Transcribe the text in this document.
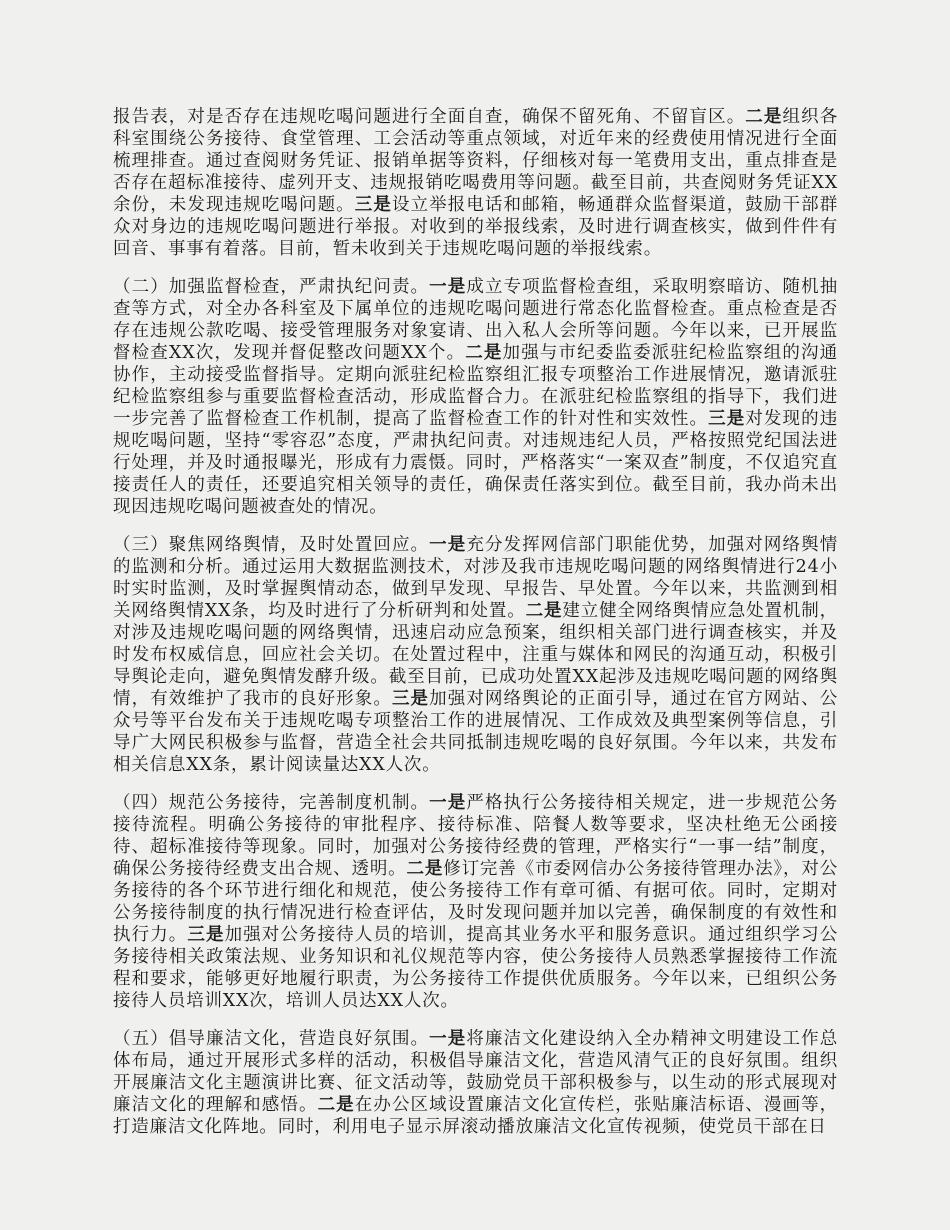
报告表，对是否存在违规吃喝问题进行全面自查，确保不留死角、不留盲区。二是组织各科室围绕公务接待、食堂管理、工会活动等重点领域，对近年来的经费使用情况进行全面梳理排查。通过查阅财务凭证、报销单据等资料，仔细核对每一笔费用支出，重点排查是否存在超标准接待、虚列开支、违规报销吃喝费用等问题。截至目前，共查阅财务凭证XX余份，未发现违规吃喝问题。三是设立举报电话和邮箱，畅通群众监督渠道，鼓励干部群众对身边的违规吃喝问题进行举报。对收到的举报线索，及时进行调查核实，做到件件有回音、事事有着落。目前，暂未收到关于违规吃喝问题的举报线索。

（二）加强监督检查，严肃执纪问责。一是成立专项监督检查组，采取明察暗访、随机抽查等方式，对全办各科室及下属单位的违规吃喝问题进行常态化监督检查。重点检查是否存在违规公款吃喝、接受管理服务对象宴请、出入私人会所等问题。今年以来，已开展监督检查XX次，发现并督促整改问题XX个。二是加强与市纪委监委派驻纪检监察组的沟通协作，主动接受监督指导。定期向派驻纪检监察组汇报专项整治工作进展情况，邀请派驻纪检监察组参与重要监督检查活动，形成监督合力。在派驻纪检监察组的指导下，我们进一步完善了监督检查工作机制，提高了监督检查工作的针对性和实效性。三是对发现的违规吃喝问题，坚持“零容忍”态度，严肃执纪问责。对违规违纪人员，严格按照党纪国法进行处理，并及时通报曝光，形成有力震慑。同时，严格落实“一案双查”制度，不仅追究直接责任人的责任，还要追究相关领导的责任，确保责任落实到位。截至目前，我办尚未出现因违规吃喝问题被查处的情况。

（三）聚焦网络舆情，及时处置回应。一是充分发挥网信部门职能优势，加强对网络舆情的监测和分析。通过运用大数据监测技术，对涉及我市违规吃喝问题的网络舆情进行24小时实时监测，及时掌握舆情动态，做到早发现、早报告、早处置。今年以来，共监测到相关网络舆情XX条，均及时进行了分析研判和处置。二是建立健全网络舆情应急处置机制，对涉及违规吃喝问题的网络舆情，迅速启动应急预案，组织相关部门进行调查核实，并及时发布权威信息，回应社会关切。在处置过程中，注重与媒体和网民的沟通互动，积极引导舆论走向，避免舆情发酵升级。截至目前，已成功处置XX起涉及违规吃喝问题的网络舆情，有效维护了我市的良好形象。三是加强对网络舆论的正面引导，通过在官方网站、公众号等平台发布关于违规吃喝专项整治工作的进展情况、工作成效及典型案例等信息，引导广大网民积极参与监督，营造全社会共同抵制违规吃喝的良好氛围。今年以来，共发布相关信息XX条，累计阅读量达XX人次。

（四）规范公务接待，完善制度机制。一是严格执行公务接待相关规定，进一步规范公务接待流程。明确公务接待的审批程序、接待标准、陪餐人数等要求，坚决杜绝无公函接待、超标准接待等现象。同时，加强对公务接待经费的管理，严格实行“一事一结”制度，确保公务接待经费支出合规、透明。二是修订完善《市委网信办公务接待管理办法》，对公务接待的各个环节进行细化和规范，使公务接待工作有章可循、有据可依。同时，定期对公务接待制度的执行情况进行检查评估，及时发现问题并加以完善，确保制度的有效性和执行力。三是加强对公务接待人员的培训，提高其业务水平和服务意识。通过组织学习公务接待相关政策法规、业务知识和礼仪规范等内容，使公务接待人员熟悉掌握接待工作流程和要求，能够更好地履行职责，为公务接待工作提供优质服务。今年以来，已组织公务接待人员培训XX次，培训人员达XX人次。

（五）倡导廉洁文化，营造良好氛围。一是将廉洁文化建设纳入全办精神文明建设工作总体布局，通过开展形式多样的活动，积极倡导廉洁文化，营造风清气正的良好氛围。组织开展廉洁文化主题演讲比赛、征文活动等，鼓励党员干部积极参与，以生动的形式展现对廉洁文化的理解和感悟。二是在办公区域设置廉洁文化宣传栏，张贴廉洁标语、漫画等，打造廉洁文化阵地。同时，利用电子显示屏滚动播放廉洁文化宣传视频，使党员干部在日
